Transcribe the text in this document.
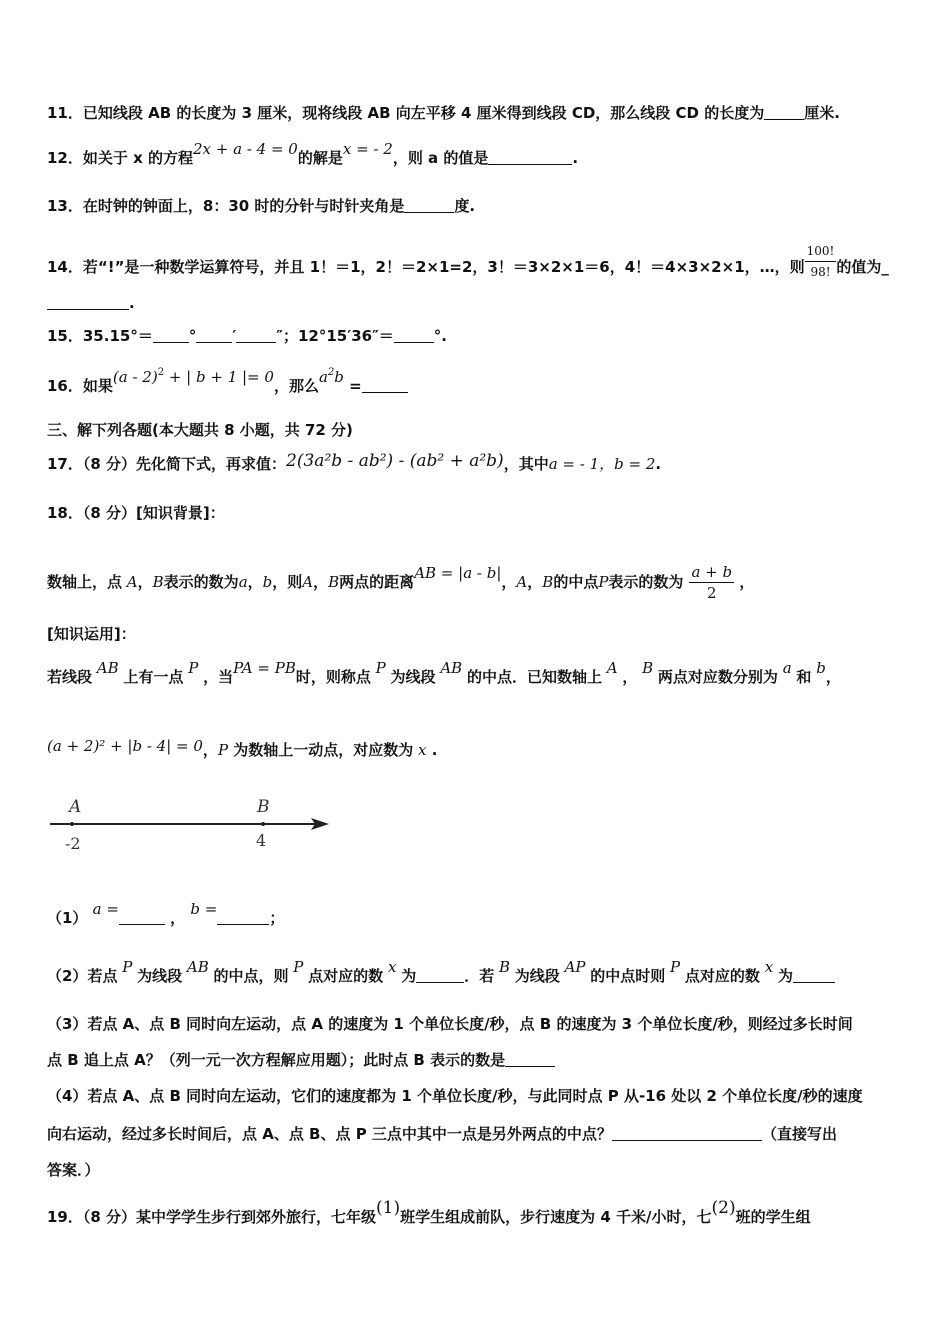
11．已知线段 AB 的长度为 3 厘米，现将线段 AB 向左平移 4 厘米得到线段 CD，那么线段 CD 的长度为	厘米.
12．如关于 x 的方程2x + a - 4 = 0的解是x = - 2，则 a 的值是	.
13．在时钟的钟面上，8：30 时的分针与时针夹角是	度.
14．若“!”是一种数学运算符号，并且 1！＝1，2！＝2×1=2，3！＝3×2×1＝6，4！＝4×3×2×1，…，则 $\frac{100!}{98!}$ 的值为_
.
15．35.15°＝ ° ′	″；12°15′36″＝	°.
16．如果(a - 2)$^2$ + | b + 1 |= 0，那么$a^2b$ =
三、解下列各题(本大题共 8 小题，共 72 分)
17．（8 分）先化简下式，再求值：2(3a²b - ab²) - (ab² + a²b)，其中a = - 1，b = 2.
18．（8 分）[知识背景]：
数轴上，点 A，B表示的数为a，b，则A，B两点的距离AB = |a - b|，A，B的中点P表示的数为 $\frac{a + b}{2}$ ，
[知识运用]：
若线段 AB 上有一点 P ，当PA = PB时，则称点 P 为线段 AB 的中点．已知数轴上 A ， B 两点对应数分别为 a 和 b，
(a + 2)² + |b - 4| = 0，P 为数轴上一动点，对应数为 x .
A	B
-2	4
（1） a =	， b =	；
（2）若点 P 为线段 AB 的中点，则 P 点对应的数 x 为	．若 B 为线段 AP 的中点时则 P 点对应的数 x 为
（3）若点 A、点 B 同时向左运动，点 A 的速度为 1 个单位长度/秒，点 B 的速度为 3 个单位长度/秒，则经过多长时间
点 B 追上点 A？（列一元一次方程解应用题）；此时点 B 表示的数是
（4）若点 A、点 B 同时向左运动，它们的速度都为 1 个单位长度/秒，与此同时点 P 从-16 处以 2 个单位长度/秒的速度
向右运动，经过多长时间后，点 A、点 B、点 P 三点中其中一点是另外两点的中点？	（直接写出
答案．）
19．（8 分）某中学学生步行到郊外旅行，七年级(1)班学生组成前队，步行速度为 4 千米/小时，七(2)班的学生组
